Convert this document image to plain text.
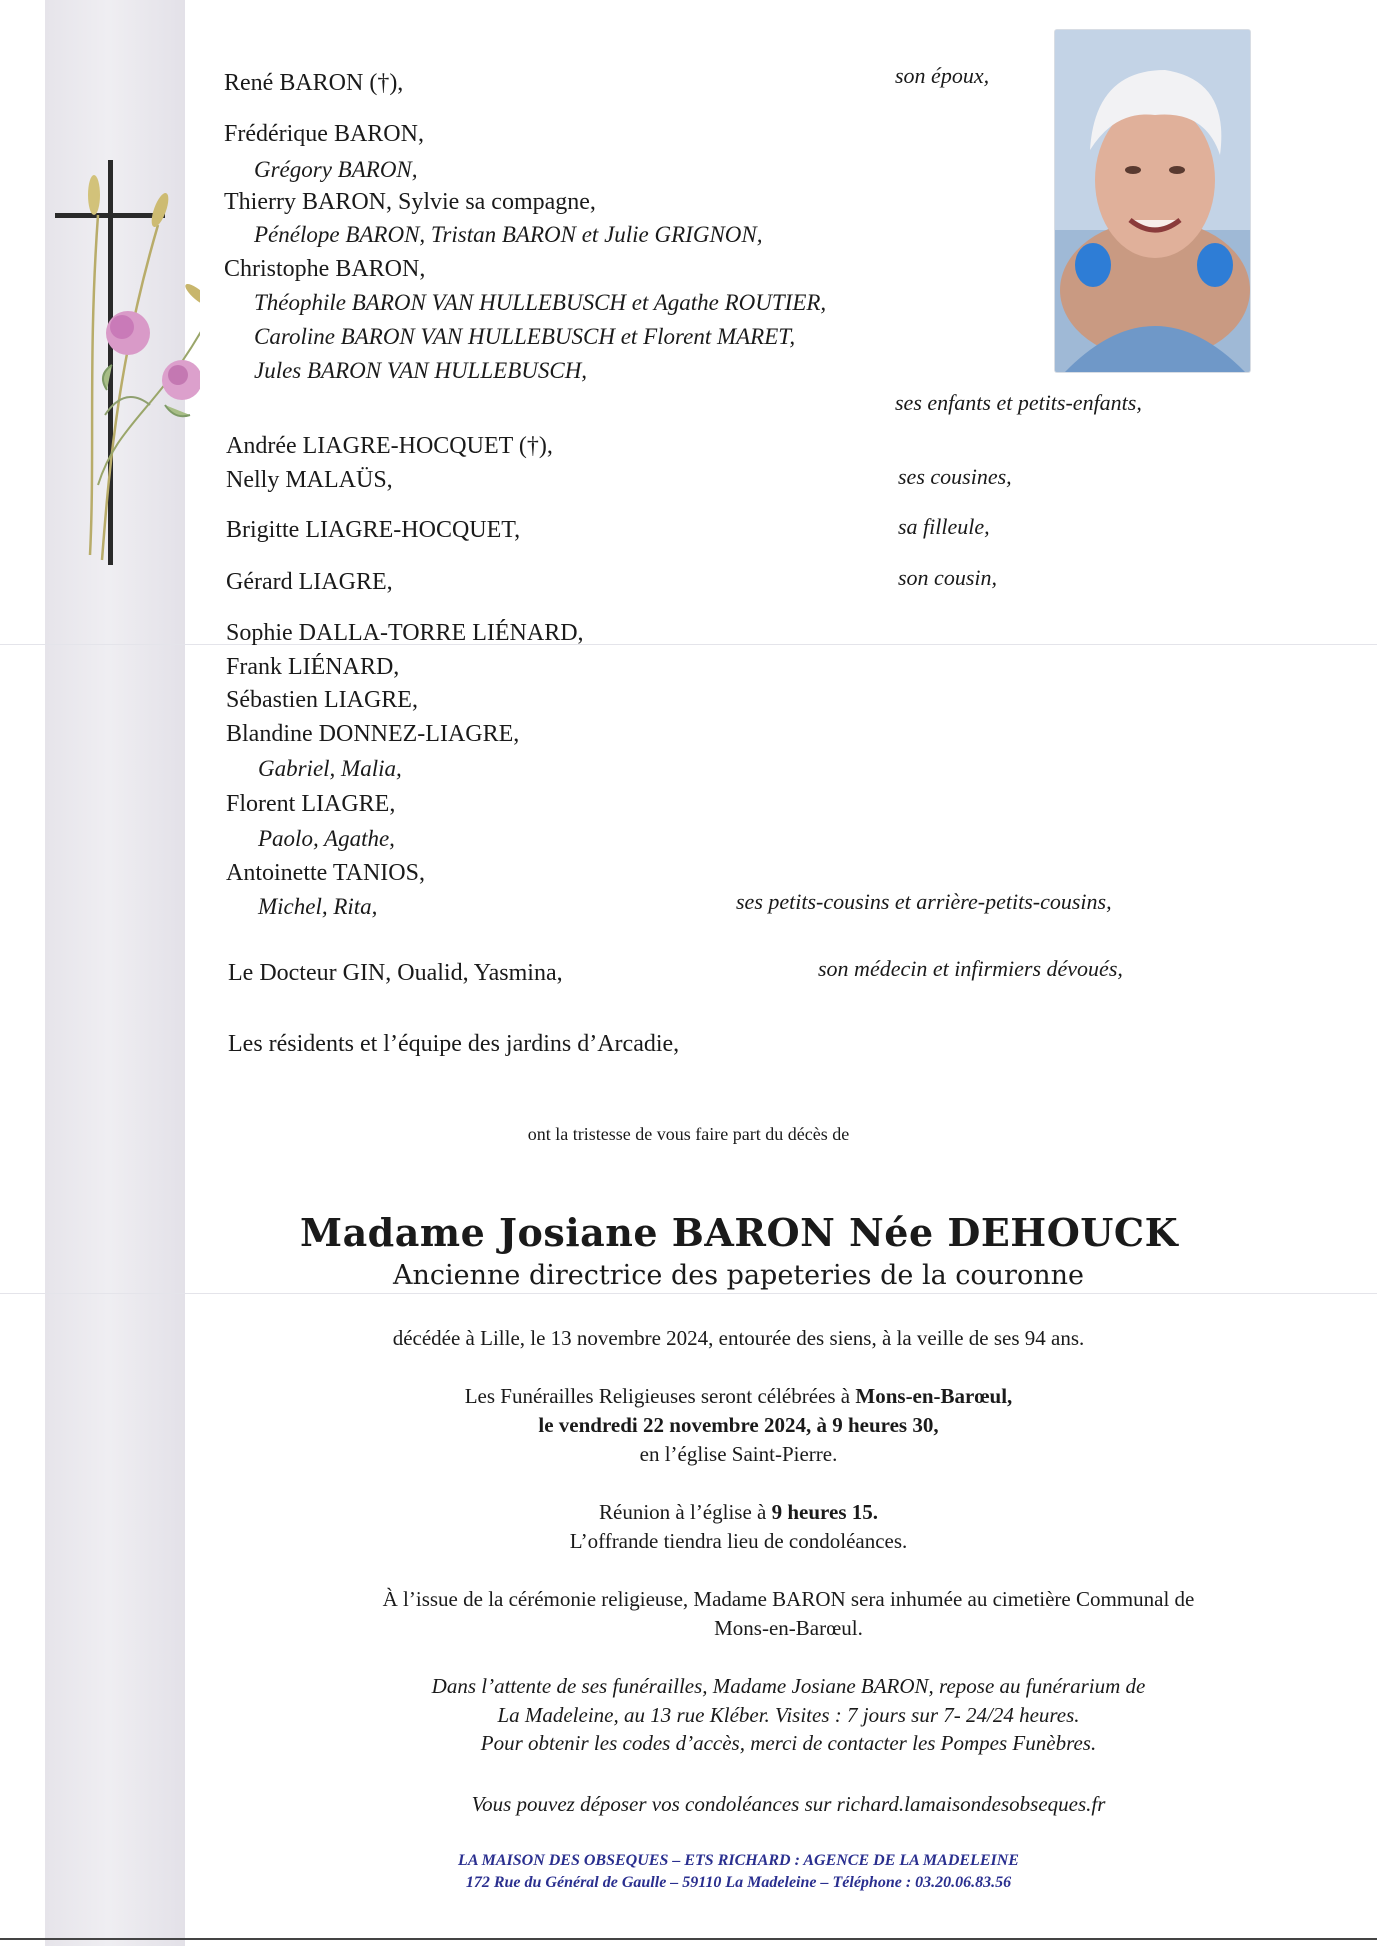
René BARON (†),
Frédérique BARON,
Grégory BARON,
Thierry BARON, Sylvie sa compagne,
Pénélope BARON, Tristan BARON et Julie GRIGNON,
Christophe BARON,
Théophile BARON VAN HULLEBUSCH et Agathe ROUTIER,
Caroline BARON VAN HULLEBUSCH et Florent MARET,
Jules BARON VAN HULLEBUSCH,
Andrée LIAGRE-HOCQUET (†),
Nelly MALAÜS,
Brigitte LIAGRE-HOCQUET,
Gérard LIAGRE,
Sophie DALLA-TORRE LIÉNARD,
Frank LIÉNARD,
Sébastien LIAGRE,
Blandine DONNEZ-LIAGRE,
Gabriel, Malia,
Florent LIAGRE,
Paolo, Agathe,
Antoinette TANIOS,
Michel, Rita,
Le Docteur GIN, Oualid, Yasmina,
Les résidents et l’équipe des jardins d’Arcadie,
son époux,
ses enfants et petits-enfants,
ses cousines,
sa filleule,
son cousin,
ses petits-cousins et arrière-petits-cousins,
son médecin et infirmiers dévoués,
ont la tristesse de vous faire part du décès de
Madame Josiane BARON Née DEHOUCK
Ancienne directrice des papeteries de la couronne
décédée à Lille, le 13 novembre 2024, entourée des siens, à la veille de ses 94 ans.
Les Funérailles Religieuses seront célébrées à Mons-en-Barœul,
le vendredi 22 novembre 2024, à 9 heures 30,
en l’église Saint-Pierre.
Réunion à l’église à 9 heures 15.
L’offrande tiendra lieu de condoléances.
À l’issue de la cérémonie religieuse, Madame BARON sera inhumée au cimetière Communal de
Mons-en-Barœul.
Dans l’attente de ses funérailles, Madame Josiane BARON, repose au funérarium de
La Madeleine, au 13 rue Kléber. Visites : 7 jours sur 7- 24/24 heures.
Pour obtenir les codes d’accès, merci de contacter les Pompes Funèbres.
Vous pouvez déposer vos condoléances sur richard.lamaisondesobseques.fr
LA MAISON DES OBSEQUES – ETS RICHARD : AGENCE DE LA MADELEINE
172 Rue du Général de Gaulle – 59110 La Madeleine – Téléphone : 03.20.06.83.56
